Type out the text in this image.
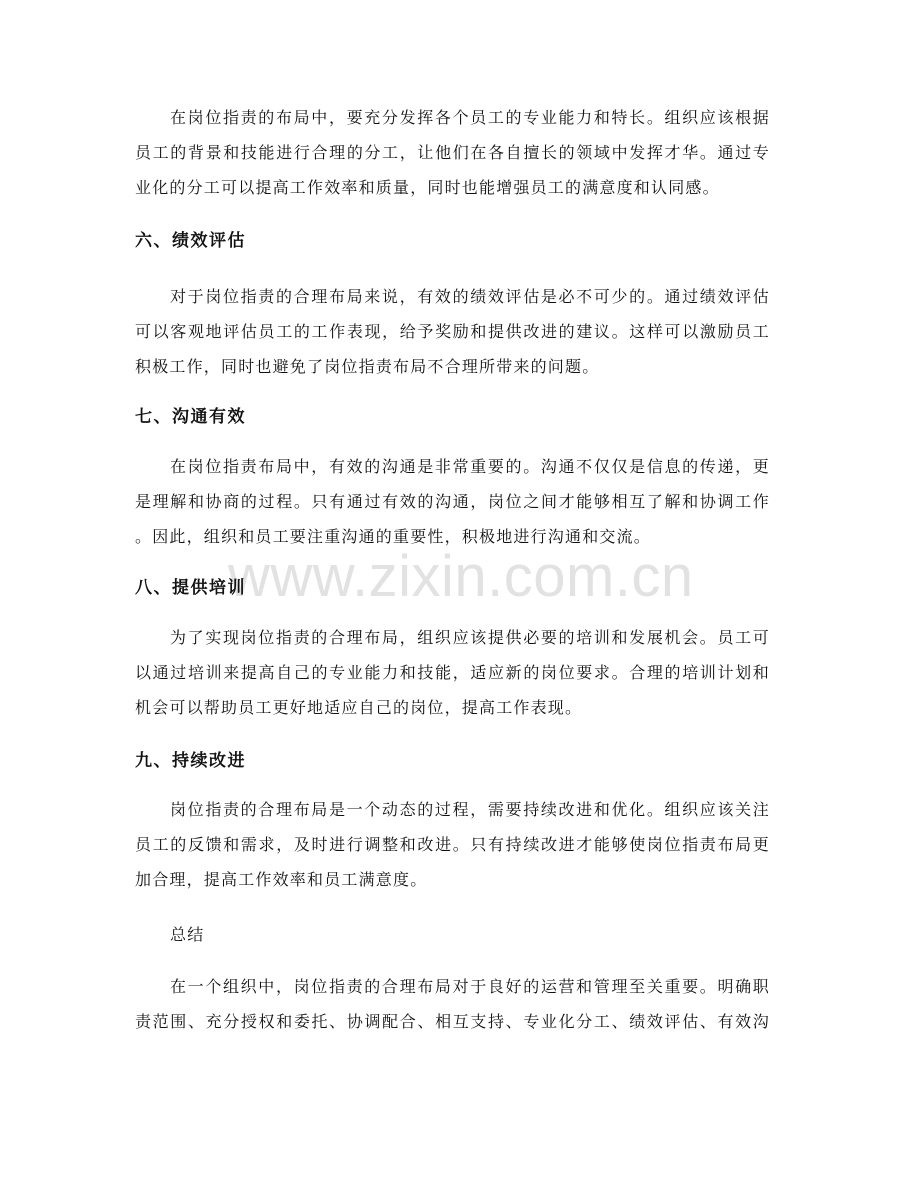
www.zixin.com.cn
在岗位指责的布局中，要充分发挥各个员工的专业能力和特长。组织应该根据
员工的背景和技能进行合理的分工，让他们在各自擅长的领域中发挥才华。通过专
业化的分工可以提高工作效率和质量，同时也能增强员工的满意度和认同感。
六、绩效评估
对于岗位指责的合理布局来说，有效的绩效评估是必不可少的。通过绩效评估
可以客观地评估员工的工作表现，给予奖励和提供改进的建议。这样可以激励员工
积极工作，同时也避免了岗位指责布局不合理所带来的问题。
七、沟通有效
在岗位指责布局中，有效的沟通是非常重要的。沟通不仅仅是信息的传递，更
是理解和协商的过程。只有通过有效的沟通，岗位之间才能够相互了解和协调工作
。因此，组织和员工要注重沟通的重要性，积极地进行沟通和交流。
八、提供培训
为了实现岗位指责的合理布局，组织应该提供必要的培训和发展机会。员工可
以通过培训来提高自己的专业能力和技能，适应新的岗位要求。合理的培训计划和
机会可以帮助员工更好地适应自己的岗位，提高工作表现。
九、持续改进
岗位指责的合理布局是一个动态的过程，需要持续改进和优化。组织应该关注
员工的反馈和需求，及时进行调整和改进。只有持续改进才能够使岗位指责布局更
加合理，提高工作效率和员工满意度。
总结
在一个组织中，岗位指责的合理布局对于良好的运营和管理至关重要。明确职
责范围、充分授权和委托、协调配合、相互支持、专业化分工、绩效评估、有效沟
